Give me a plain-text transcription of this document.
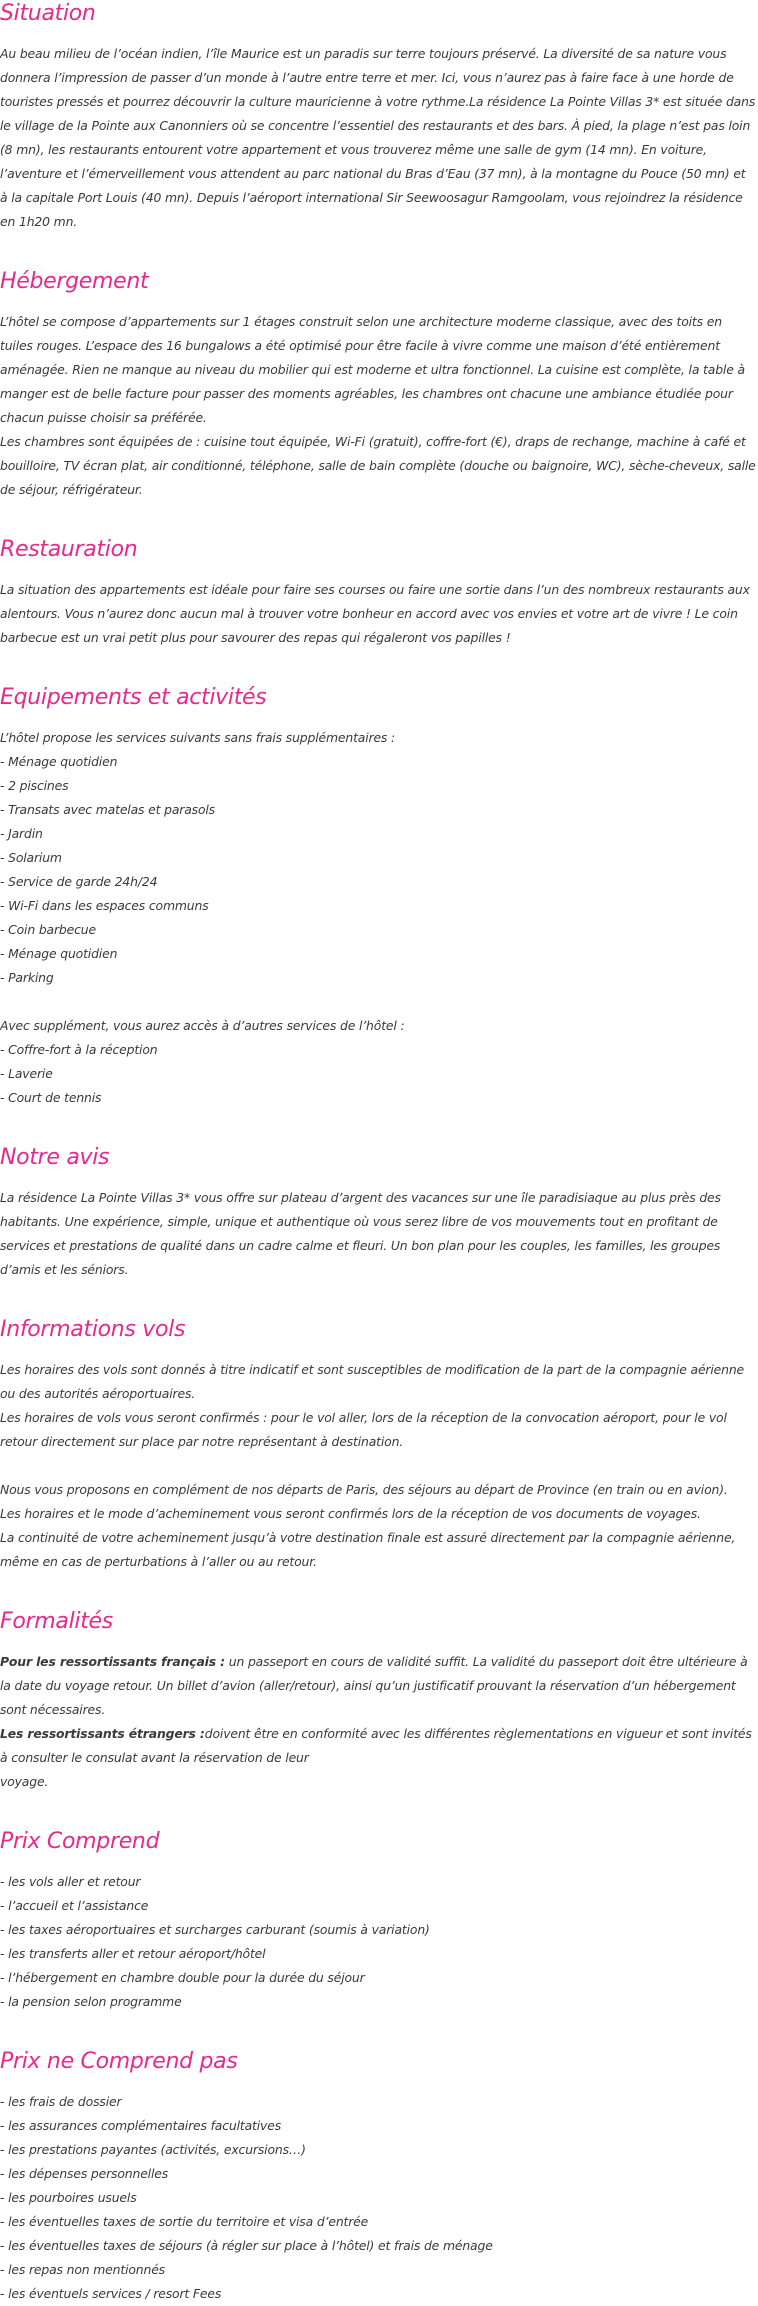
Situation

Au beau milieu de l’océan indien, l’île Maurice est un paradis sur terre toujours préservé. La diversité de sa nature vous donnera l’impression de passer d’un monde à l’autre entre terre et mer. Ici, vous n’aurez pas à faire face à une horde de touristes pressés et pourrez découvrir la culture mauricienne à votre rythme.La résidence La Pointe Villas 3* est située dans le village de la Pointe aux Canonniers où se concentre l’essentiel des restaurants et des bars. À pied, la plage n’est pas loin (8 mn), les restaurants entourent votre appartement et vous trouverez même une salle de gym (14 mn). En voiture, l’aventure et l’émerveillement vous attendent au parc national du Bras d’Eau (37 mn), à la montagne du Pouce (50 mn) et à la capitale Port Louis (40 mn). Depuis l’aéroport international Sir Seewoosagur Ramgoolam, vous rejoindrez la résidence en 1h20 mn.

Hébergement

L’hôtel se compose d’appartements sur 1 étages construit selon une architecture moderne classique, avec des toits en tuiles rouges. L’espace des 16 bungalows a été optimisé pour être facile à vivre comme une maison d’été entièrement aménagée. Rien ne manque au niveau du mobilier qui est moderne et ultra fonctionnel. La cuisine est complète, la table à manger est de belle facture pour passer des moments agréables, les chambres ont chacune une ambiance étudiée pour chacun puisse choisir sa préférée.

Les chambres sont équipées de : cuisine tout équipée, Wi-Fi (gratuit), coffre-fort (€), draps de rechange, machine à café et bouilloire, TV écran plat, air conditionné, téléphone, salle de bain complète (douche ou baignoire, WC), sèche-cheveux, salle de séjour, réfrigérateur.

Restauration

La situation des appartements est idéale pour faire ses courses ou faire une sortie dans l’un des nombreux restaurants aux alentours. Vous n’aurez donc aucun mal à trouver votre bonheur en accord avec vos envies et votre art de vivre ! Le coin barbecue est un vrai petit plus pour savourer des repas qui régaleront vos papilles !

Equipements et activités
L’hôtel propose les services suivants sans frais supplémentaires :
- Ménage quotidien
- 2 piscines
- Transats avec matelas et parasols
- Jardin
- Solarium
- Service de garde 24h/24
- Wi-Fi dans les espaces communs
- Coin barbecue
- Ménage quotidien
- Parking
Avec supplément, vous aurez accès à d’autres services de l’hôtel :
- Coffre-fort à la réception
- Laverie
- Court de tennis
Notre avis

La résidence La Pointe Villas 3* vous offre sur plateau d’argent des vacances sur une île paradisiaque au plus près des habitants. Une expérience, simple, unique et authentique où vous serez libre de vos mouvements tout en profitant de services et prestations de qualité dans un cadre calme et fleuri. Un bon plan pour les couples, les familles, les groupes d’amis et les séniors.

Informations vols

Les horaires des vols sont donnés à titre indicatif et sont susceptibles de modification de la part de la compagnie aérienne ou des autorités aéroportuaires.

Les horaires de vols vous seront confirmés : pour le vol aller, lors de la réception de la convocation aéroport, pour le vol retour directement sur place par notre représentant à destination.

Nous vous proposons en complément de nos départs de Paris, des séjours au départ de Province (en train ou en avion).

Les horaires et le mode d’acheminement vous seront confirmés lors de la réception de vos documents de voyages.

La continuité de votre acheminement jusqu’à votre destination finale est assuré directement par la compagnie aérienne, même en cas de perturbations à l’aller ou au retour.

Formalités

Pour les ressortissants français : un passeport en cours de validité suffit. La validité du passeport doit être ultérieure à la date du voyage retour. Un billet d’avion (aller/retour), ainsi qu’un justificatif prouvant la réservation d’un hébergement sont nécessaires.

Les ressortissants étrangers :doivent être en conformité avec les différentes règlementations en vigueur et sont invités à consulter le consulat avant la réservation de leur

voyage.

Prix Comprend
- les vols aller et retour
- l’accueil et l’assistance
- les taxes aéroportuaires et surcharges carburant (soumis à variation)
- les transferts aller et retour aéroport/hôtel
- l’hébergement en chambre double pour la durée du séjour
- la pension selon programme
Prix ne Comprend pas
- les frais de dossier
- les assurances complémentaires facultatives
- les prestations payantes (activités, excursions…)
- les dépenses personnelles
- les pourboires usuels
- les éventuelles taxes de sortie du territoire et visa d’entrée
- les éventuelles taxes de séjours (à régler sur place à l’hôtel) et frais de ménage
- les repas non mentionnés
- les éventuels services / resort Fees
